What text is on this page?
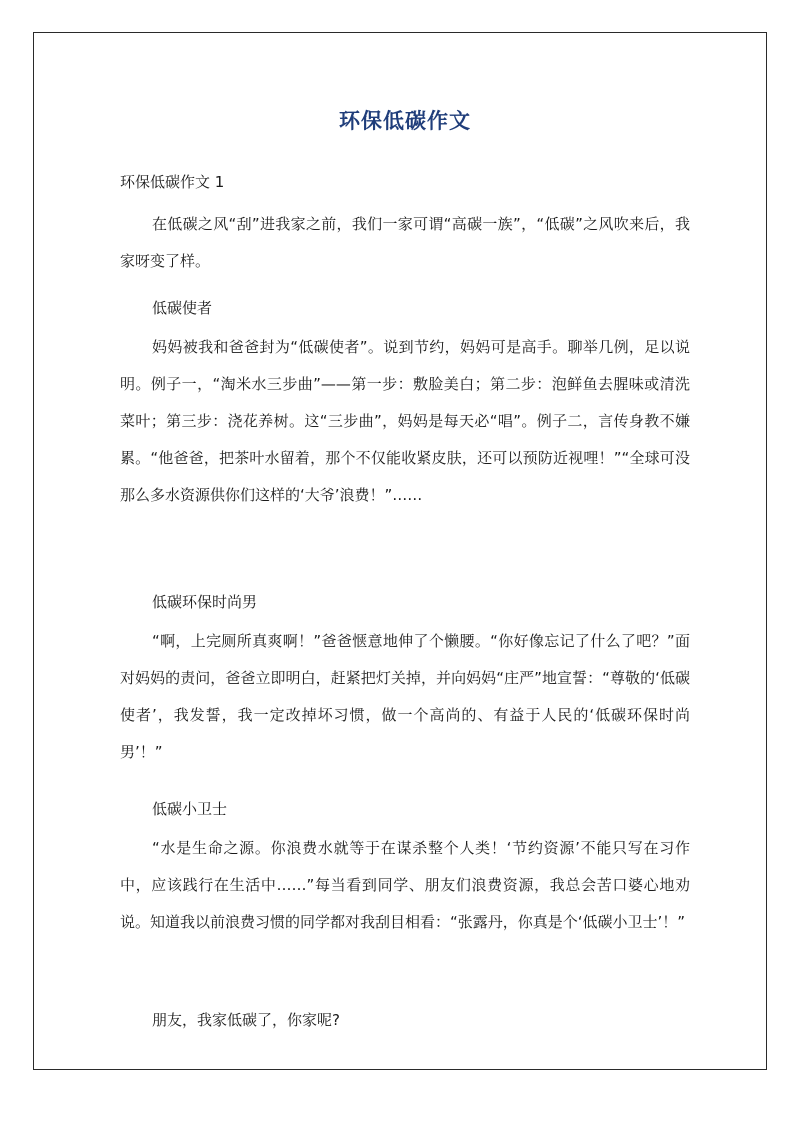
环保低碳作文

环保低碳作文 1

在低碳之风“刮”进我家之前，我们一家可谓“高碳一族”，“低碳”之风吹来后，我家呀变了样。

低碳使者

妈妈被我和爸爸封为“低碳使者”。说到节约，妈妈可是高手。聊举几例，足以说明。例子一，“淘米水三步曲”——第一步：敷脸美白；第二步：泡鲜鱼去腥味或清洗菜叶；第三步：浇花养树。这“三步曲”，妈妈是每天必“唱”。例子二，言传身教不嫌累。“他爸爸，把茶叶水留着，那个不仅能收紧皮肤，还可以预防近视哩！”“全球可没那么多水资源供你们这样的‘大爷’浪费！”……

低碳环保时尚男

“啊，上完厕所真爽啊！”爸爸惬意地伸了个懒腰。“你好像忘记了什么了吧？”面对妈妈的责问，爸爸立即明白，赶紧把灯关掉，并向妈妈“庄严”地宣誓：“尊敬的‘低碳使者’，我发誓，我一定改掉坏习惯，做一个高尚的、有益于人民的‘低碳环保时尚男’！”

低碳小卫士

“水是生命之源。你浪费水就等于在谋杀整个人类！‘节约资源’不能只写在习作中，应该践行在生活中……”每当看到同学、朋友们浪费资源，我总会苦口婆心地劝说。知道我以前浪费习惯的同学都对我刮目相看：“张露丹，你真是个‘低碳小卫士’！”

朋友，我家低碳了，你家呢?
